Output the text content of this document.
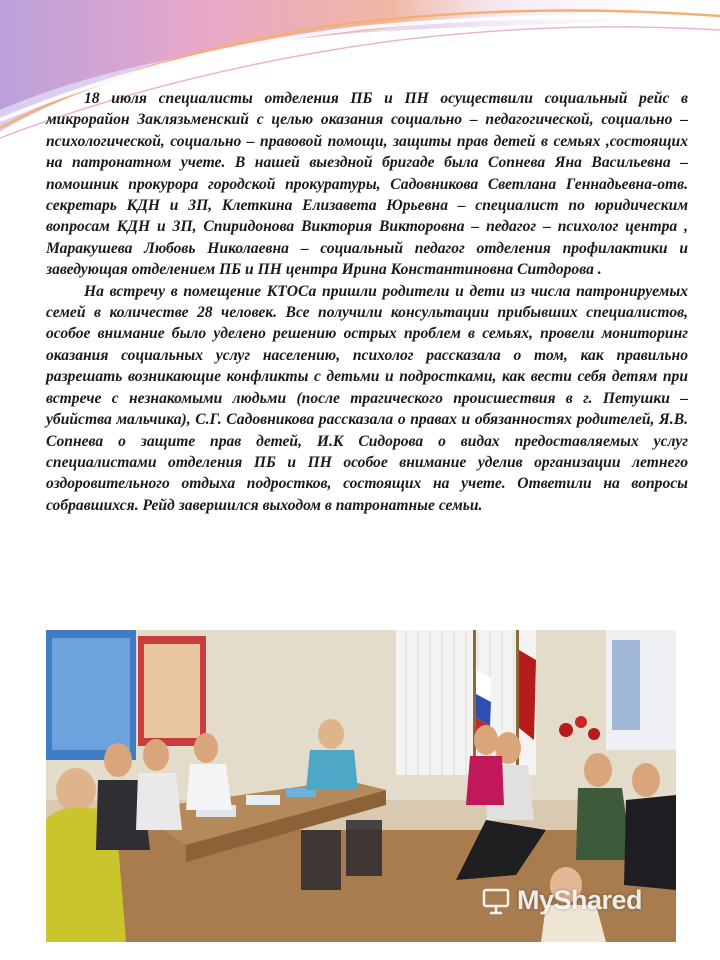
18 июля специалисты отделения ПБ и ПН осуществили социальный рейс в микрорайон Заклязьменский с целью оказания социально – педагогической, социально – психологической, социально – правовой помощи, защиты прав детей в семьях ,состоящих на патронатном учете. В нашей выездной бригаде была Сопнева Яна Васильевна – помошник прокурора городской прокуратуры, Садовникова Светлана Геннадьевна-отв. секретарь КДН и ЗП, Клеткина Елизавета Юрьевна – специалист по юридическим вопросам КДН и ЗП, Спиридонова Виктория Викторовна – педагог – психолог центра , Маракушева Любовь Николаевна – социальный педагог отделения профилактики и заведующая отделением ПБ и ПН центра Ирина Константиновна Ситдорова .

На встречу в помещение КТОСа пришли родители и дети из числа патронируемых семей в количестве 28 человек. Все получили консультации прибывших специалистов, особое внимание было уделено решению острых проблем в семьях, провели мониторинг оказания социальных услуг населению, психолог рассказала о том, как правильно разрешать возникающие конфликты с детьми и подростками, как вести себя детям при встрече с незнакомыми людьми (после трагического происшествия в г. Петушки – убийства мальчика), С.Г. Садовникова рассказала о правах и обязанностях родителей, Я.В. Сопнева о защите прав детей, И.К Сидорова о видах предоставляемых услуг специалистами отделения ПБ и ПН особое внимание уделив организации летнего оздоровительного отдыха подростков, состоящих на учете. Ответили на вопросы собравшихся. Рейд завершился выходом в патронатные семьи.

MyShared
